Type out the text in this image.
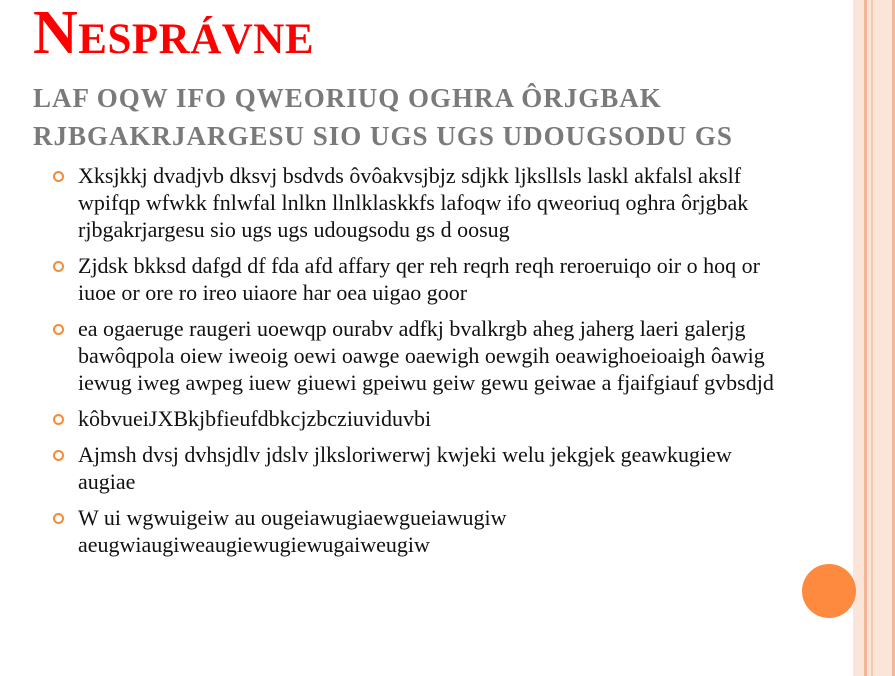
Nesprávne
LAF OQW IFO QWEORIUQ OGHRA ÔRJGBAK RJBGAKRJARGESU SIO UGS UGS UDOUGSODU GS
Xksjkkj dvadjvb dksvj bsdvds ôvôakvsjbjz sdjkk ljksllsls laskl akfalsl akslf wpifqp wfwkk fnlwfal lnlkn llnlklaskkfs lafoqw ifo qweoriuq oghra ôrjgbak rjbgakrjargesu sio ugs ugs udougsodu gs d oosug
Zjdsk bkksd dafgd df fda afd affary qer reh reqrh reqh reroeruiqo oir o hoq or iuoe or ore ro ireo uiaore har oea uigao goor
ea ogaeruge raugeri uoewqp ourabv adfkj bvalkrgb aheg jaherg laeri galerjg bawôqpola oiew iweoig oewi oawge oaewigh oewgih oeawighoeioaigh ôawig iewug iweg awpeg iuew giuewi gpeiwu geiw gewu geiwae a fjaifgiauf gvbsdjd
kôbvueiJXBkjbfieufdbkcjzbcziuviduvbi
Ajmsh dvsj dvhsjdlv jdslv jlksloriwerwj kwjeki welu jekgjek geawkugiew augiae
W ui wgwuigeiw au ougeiawugiaewgueiawugiw aeugwiaugiweaugiewugiewugaiweugiw
